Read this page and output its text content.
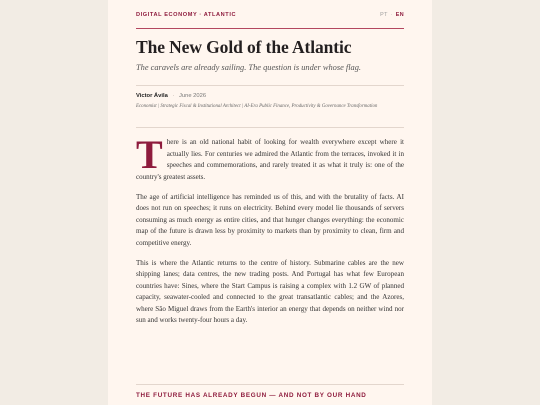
DIGITAL ECONOMY · ATLANTIC	PT · EN
The New Gold of the Atlantic

The caravels are already sailing. The question is under whose flag.

Victor Ávila · June 2026
Economist | Strategic Fiscal & Institutional Architect | AI-Era Public Finance, Productivity & Governance Transformation

There is an old national habit of looking for wealth everywhere except where it actually lies. For centuries we admired the Atlantic from the terraces, invoked it in speeches and commemorations, and rarely treated it as what it truly is: one of the country's greatest assets.

The age of artificial intelligence has reminded us of this, and with the brutality of facts. AI does not run on speeches; it runs on electricity. Behind every model lie thousands of servers consuming as much energy as entire cities, and that hunger changes everything: the economic map of the future is drawn less by proximity to markets than by proximity to clean, firm and competitive energy.

This is where the Atlantic returns to the centre of history. Submarine cables are the new shipping lanes; data centres, the new trading posts. And Portugal has what few European countries have: Sines, where the Start Campus is raising a complex with 1.2 GW of planned capacity, seawater-cooled and connected to the great transatlantic cables; and the Azores, where São Miguel draws from the Earth's interior an energy that depends on neither wind nor sun and works twenty-four hours a day.

THE FUTURE HAS ALREADY BEGUN — AND NOT BY OUR HAND
